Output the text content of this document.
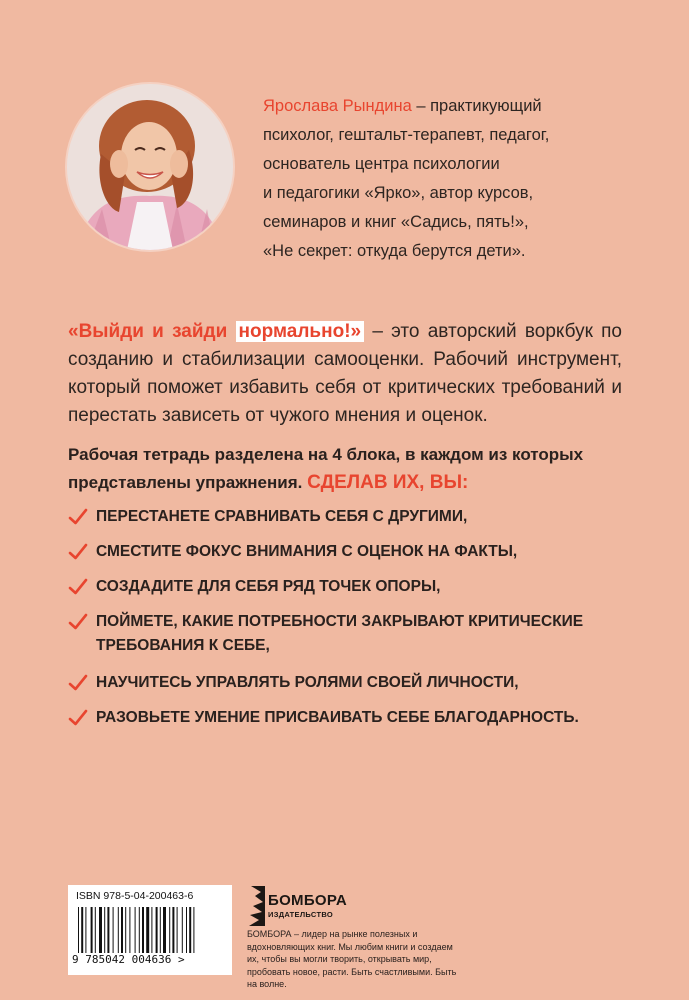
Ярослава Рындина – практикующий
психолог, гештальт-терапевт, педагог,
основатель центра психологии
и педагогики «Ярко», автор курсов,
семинаров и книг «Садись, пять!»,
«Не секрет: откуда берутся дети».
«Выйди и зайди нормально!» – это авторский воркбук по созданию и стабилизации самооценки. Рабочий инструмент, который поможет избавить себя от критических требований и перестать зависеть от чужого мнения и оценок.
Рабочая тетрадь разделена на 4 блока, в каждом из которых представлены упражнения. СДЕЛАВ ИХ, ВЫ:
ПЕРЕСТАНЕТЕ СРАВНИВАТЬ СЕБЯ С ДРУГИМИ,
СМЕСТИТЕ ФОКУС ВНИМАНИЯ С ОЦЕНОК НА ФАКТЫ,
СОЗДАДИТЕ ДЛЯ СЕБЯ РЯД ТОЧЕК ОПОРЫ,
ПОЙМЕТЕ, КАКИЕ ПОТРЕБНОСТИ ЗАКРЫВАЮТ КРИТИЧЕСКИЕ ТРЕБОВАНИЯ К СЕБЕ,
НАУЧИТЕСЬ УПРАВЛЯТЬ РОЛЯМИ СВОЕЙ ЛИЧНОСТИ,
РАЗОВЬЕТЕ УМЕНИЕ ПРИСВАИВАТЬ СЕБЕ БЛАГОДАРНОСТЬ.
ISBN 978-5-04-200463-6
9 785042 004636 >
БОМБОРА
ИЗДАТЕЛЬСТВО
БОМБОРА – лидер на рынке полезных и вдохновляющих книг. Мы любим книги и создаем их, чтобы вы могли творить, открывать мир, пробовать новое, расти. Быть счастливыми. Быть на волне.
